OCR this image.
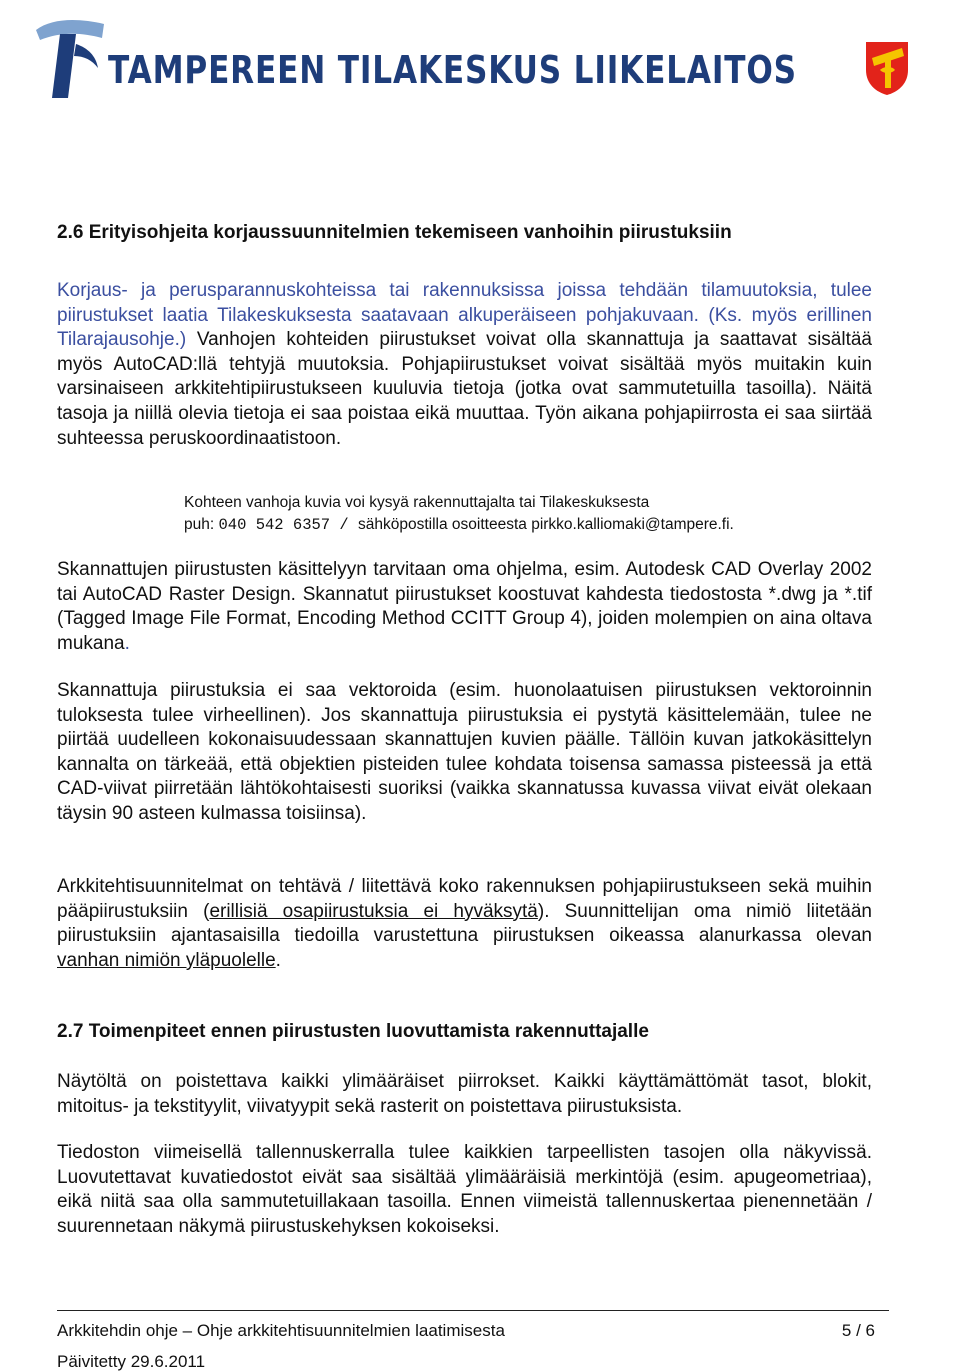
TAMPEREEN TILAKESKUS LIIKELAITOS
2.6 Erityisohjeita korjaussuunnitelmien tekemiseen vanhoihin piirustuksiin

Korjaus- ja perusparannuskohteissa tai rakennuksissa joissa tehdään tilamuutoksia, tulee piirustukset laatia Tilakeskuksesta saatavaan alkuperäiseen pohjakuvaan. (Ks. myös erillinen Tilarajausohje.) Vanhojen kohteiden piirustukset voivat olla skannattuja ja saattavat sisältää myös AutoCAD:llä tehtyjä muutoksia. Pohjapiirustukset voivat sisältää myös muitakin kuin varsinaiseen arkkitehtipiirustukseen kuuluvia tietoja (jotka ovat sammutetuilla tasoilla). Näitä tasoja ja niillä olevia tietoja ei saa poistaa eikä muuttaa. Työn aikana pohjapiirrosta ei saa siirtää suhteessa peruskoordinaatistoon.

Kohteen vanhoja kuvia voi kysyä rakennuttajalta tai Tilakeskuksesta
puh: 040 542 6357 / sähköpostilla osoitteesta pirkko.kalliomaki@tampere.fi.

Skannattujen piirustusten käsittelyyn tarvitaan oma ohjelma, esim. Autodesk CAD Overlay 2002 tai AutoCAD Raster Design. Skannatut piirustukset koostuvat kahdesta tiedostosta *.dwg ja *.tif (Tagged Image File Format, Encoding Method CCITT Group 4), joiden molempien on aina oltava mukana.

Skannattuja piirustuksia ei saa vektoroida (esim. huonolaatuisen piirustuksen vektoroinnin tuloksesta tulee virheellinen). Jos skannattuja piirustuksia ei pystytä käsittelemään, tulee ne piirtää uudelleen kokonaisuudessaan skannattujen kuvien päälle. Tällöin kuvan jatkokäsittelyn kannalta on tärkeää, että objektien pisteiden tulee kohdata toisensa samassa pisteessä ja että CAD-viivat piirretään lähtökohtaisesti suoriksi (vaikka skannatussa kuvassa viivat eivät olekaan täysin 90 asteen kulmassa toisiinsa).

Arkkitehtisuunnitelmat on tehtävä / liitettävä koko rakennuksen pohjapiirustukseen sekä muihin pääpiirustuksiin (erillisiä osapiirustuksia ei hyväksytä). Suunnittelijan oma nimiö liitetään piirustuksiin ajantasaisilla tiedoilla varustettuna piirustuksen oikeassa alanurkassa olevan vanhan nimiön yläpuolelle.

2.7 Toimenpiteet ennen piirustusten luovuttamista rakennuttajalle

Näytöltä on poistettava kaikki ylimääräiset piirrokset. Kaikki käyttämättömät tasot, blokit, mitoitus- ja tekstityylit, viivatyypit sekä rasterit on poistettava piirustuksista.

Tiedoston viimeisellä tallennuskerralla tulee kaikkien tarpeellisten tasojen olla näkyvissä. Luovutettavat kuvatiedostot eivät saa sisältää ylimääräisiä merkintöjä (esim. apugeometriaa), eikä niitä saa olla sammutetuillakaan tasoilla. Ennen viimeistä tallennuskertaa pienennetään / suurennetaan näkymä piirustuskehyksen kokoiseksi.

Arkkitehdin ohje – Ohje arkkitehtisuunnitelmien laatimisesta	5 / 6
Päivitetty 29.6.2011
